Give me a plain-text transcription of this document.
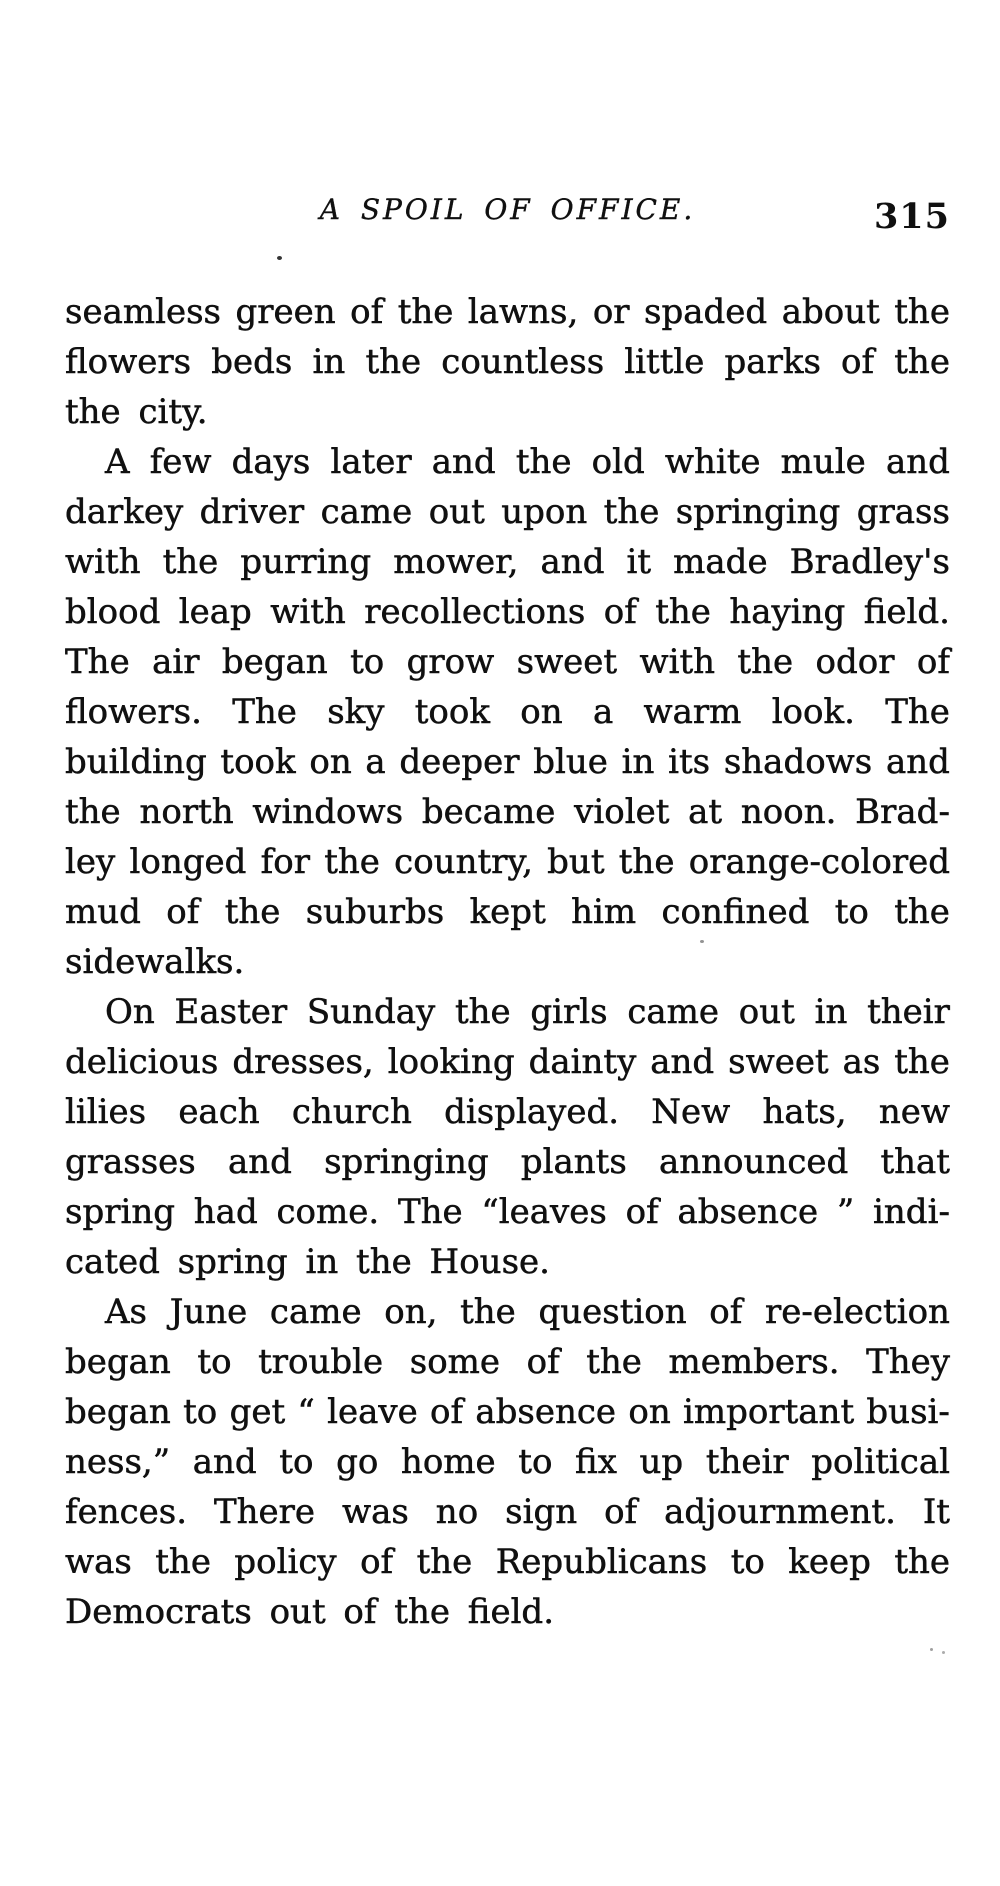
A SPOIL OF OFFICE.	315
seamless green of the lawns, or spaded about the
flowers beds in the countless little parks of the
the city.
A few days later and the old white mule and
darkey driver came out upon the springing grass
with the purring mower, and it made Bradley's
blood leap with recollections of the haying field.
The air began to grow sweet with the odor of
flowers. The sky took on a warm look. The
building took on a deeper blue in its shadows and
the north windows became violet at noon. Brad-
ley longed for the country, but the orange-colored
mud of the suburbs kept him confined to the
sidewalks.
On Easter Sunday the girls came out in their
delicious dresses, looking dainty and sweet as the
lilies each church displayed. New hats, new
grasses and springing plants announced that
spring had come. The “leaves of absence ” indi-
cated spring in the House.
As June came on, the question of re-election
began to trouble some of the members. They
began to get “ leave of absence on important busi-
ness,” and to go home to fix up their political
fences. There was no sign of adjournment. It
was the policy of the Republicans to keep the
Democrats out of the field.
